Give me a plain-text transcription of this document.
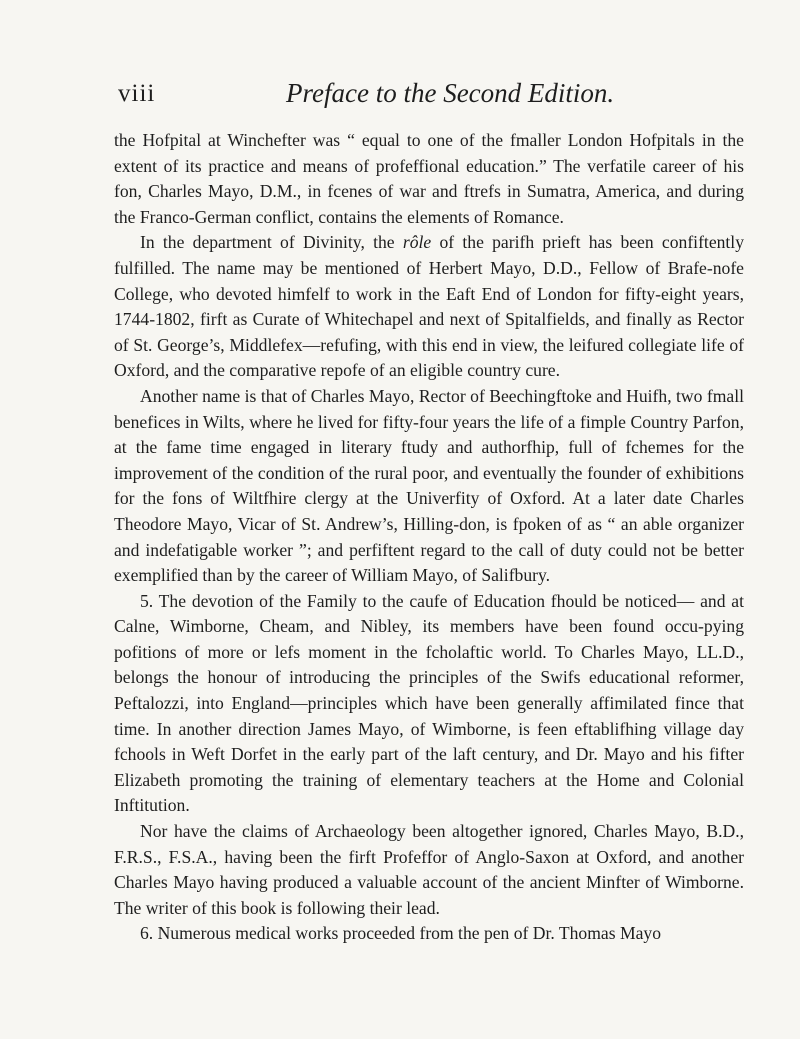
viii	Preface to the Second Edition.

the Hofpital at Winchefter was “ equal to one of the fmaller London Hofpitals in the extent of its practice and means of profeffional education.” The verfatile career of his fon, Charles Mayo, D.M., in fcenes of war and ftrefs in Sumatra, America, and during the Franco-German conflict, contains the elements of Romance.

In the department of Divinity, the rôle of the parifh prieft has been confiftently fulfilled. The name may be mentioned of Herbert Mayo, D.D., Fellow of Brafe-nofe College, who devoted himfelf to work in the Eaft End of London for fifty-eight years, 1744-1802, firft as Curate of Whitechapel and next of Spitalfields, and finally as Rector of St. George’s, Middlefex—refufing, with this end in view, the leifured collegiate life of Oxford, and the comparative repofe of an eligible country cure.

Another name is that of Charles Mayo, Rector of Beechingftoke and Huifh, two fmall benefices in Wilts, where he lived for fifty-four years the life of a fimple Country Parfon, at the fame time engaged in literary ftudy and authorfhip, full of fchemes for the improvement of the condition of the rural poor, and eventually the founder of exhibitions for the fons of Wiltfhire clergy at the Univerfity of Oxford. At a later date Charles Theodore Mayo, Vicar of St. Andrew’s, Hilling-don, is fpoken of as “ an able organizer and indefatigable worker ”; and perfiftent regard to the call of duty could not be better exemplified than by the career of William Mayo, of Salifbury.

5. The devotion of the Family to the caufe of Education fhould be noticed— and at Calne, Wimborne, Cheam, and Nibley, its members have been found occu-pying pofitions of more or lefs moment in the fcholaftic world. To Charles Mayo, LL.D., belongs the honour of introducing the principles of the Swifs educational reformer, Peftalozzi, into England—principles which have been generally affimilated fince that time. In another direction James Mayo, of Wimborne, is feen eftablifhing village day fchools in Weft Dorfet in the early part of the laft century, and Dr. Mayo and his fifter Elizabeth promoting the training of elementary teachers at the Home and Colonial Inftitution.

Nor have the claims of Archaeology been altogether ignored, Charles Mayo, B.D., F.R.S., F.S.A., having been the firft Profeffor of Anglo-Saxon at Oxford, and another Charles Mayo having produced a valuable account of the ancient Minfter of Wimborne. The writer of this book is following their lead.

6. Numerous medical works proceeded from the pen of Dr. Thomas Mayo
